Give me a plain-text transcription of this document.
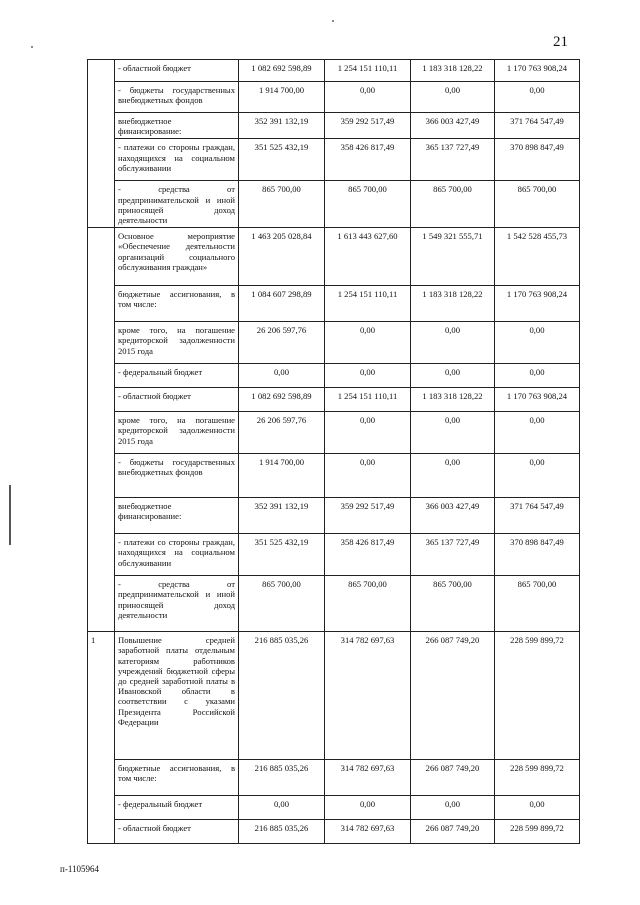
21
	- областной бюджет	1 082 692 598,89	1 254 151 110,11	1 183 318 128,22	1 170 763 908,24
	- бюджеты государственных внебюджетных фондов	1 914 700,00	0,00	0,00	0,00
	внебюджетное финансирование:	352 391 132,19	359 292 517,49	366 003 427,49	371 764 547,49
	- платежи со стороны граждан, находящихся на социальном обслуживании	351 525 432,19	358 426 817,49	365 137 727,49	370 898 847,49
	- средства от предпринимательской и иной приносящей доход деятельности	865 700,00	865 700,00	865 700,00	865 700,00
	Основное мероприятие «Обеспечение деятельности организаций социального обслуживания граждан»	1 463 205 028,84	1 613 443 627,60	1 549 321 555,71	1 542 528 455,73
	бюджетные ассигнования, в том числе:	1 084 607 298,89	1 254 151 110,11	1 183 318 128,22	1 170 763 908,24
	кроме того, на погашение кредиторской задолженности 2015 года	26 206 597,76	0,00	0,00	0,00
	- федеральный бюджет	0,00	0,00	0,00	0,00
	- областной бюджет	1 082 692 598,89	1 254 151 110,11	1 183 318 128,22	1 170 763 908,24
	кроме того, на погашение кредиторской задолженности 2015 года	26 206 597,76	0,00	0,00	0,00
	- бюджеты государственных внебюджетных фондов	1 914 700,00	0,00	0,00	0,00
	внебюджетное финансирование:	352 391 132,19	359 292 517,49	366 003 427,49	371 764 547,49
	- платежи со стороны граждан, находящихся на социальном обслуживании	351 525 432,19	358 426 817,49	365 137 727,49	370 898 847,49
	- средства от предпринимательской и иной приносящей доход деятельности	865 700,00	865 700,00	865 700,00	865 700,00
1	Повышение средней заработной платы отдельным категориям работников учреждений бюджетной сферы до средней заработной платы в Ивановской области в соответствии с указами Президента Российской Федерации	216 885 035,26	314 782 697,63	266 087 749,20	228 599 899,72
	бюджетные ассигнования, в том числе:	216 885 035,26	314 782 697,63	266 087 749,20	228 599 899,72
	- федеральный бюджет	0,00	0,00	0,00	0,00
	- областной бюджет	216 885 035,26	314 782 697,63	266 087 749,20	228 599 899,72
п-1105964
